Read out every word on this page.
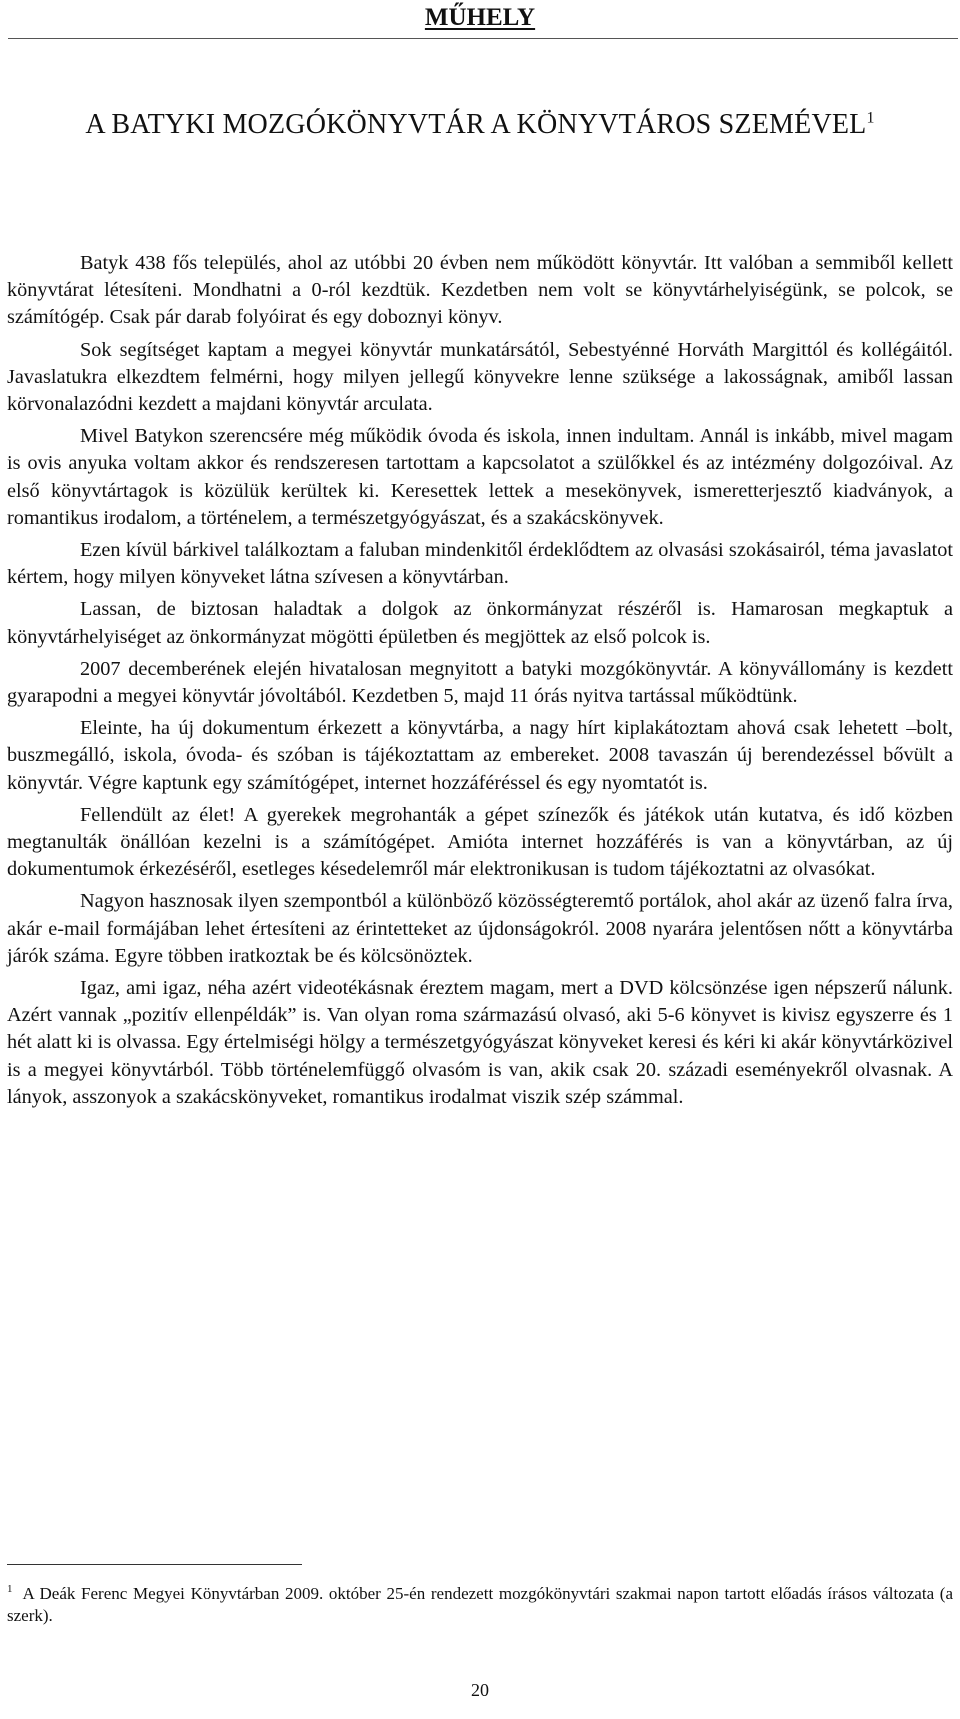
MŰHELY
A BATYKI MOZGÓKÖNYVTÁR A KÖNYVTÁROS SZEMÉVEL$^1$

Batyk 438 fős település, ahol az utóbbi 20 évben nem működött könyvtár. Itt valóban a semmiből kellett könyvtárat létesíteni. Mondhatni a 0-ról kezdtük. Kezdetben nem volt se könyvtárhelyiségünk, se polcok, se számítógép. Csak pár darab folyóirat és egy doboznyi könyv.

Sok segítséget kaptam a megyei könyvtár munkatársától, Sebestyénné Horváth Margittól és kollégáitól. Javaslatukra elkezdtem felmérni, hogy milyen jellegű könyvekre lenne szüksége a lakosságnak, amiből lassan körvonalazódni kezdett a majdani könyvtár arculata.

Mivel Batykon szerencsére még működik óvoda és iskola, innen indultam. Annál is inkább, mivel magam is ovis anyuka voltam akkor és rendszeresen tartottam a kapcsolatot a szülőkkel és az intézmény dolgozóival. Az első könyvtártagok is közülük kerültek ki. Keresettek lettek a mesekönyvek, ismeretterjesztő kiadványok, a romantikus irodalom, a történelem, a természetgyógyászat, és a szakácskönyvek.

Ezen kívül bárkivel találkoztam a faluban mindenkitől érdeklődtem az olvasási szokásairól, téma javaslatot kértem, hogy milyen könyveket látna szívesen a könyvtárban.

Lassan, de biztosan haladtak a dolgok az önkormányzat részéről is. Hamarosan megkaptuk a könyvtárhelyiséget az önkormányzat mögötti épületben és megjöttek az első polcok is.

2007 decemberének elején hivatalosan megnyitott a batyki mozgókönyvtár. A könyvállomány is kezdett gyarapodni a megyei könyvtár jóvoltából. Kezdetben 5, majd 11 órás nyitva tartással működtünk.

Eleinte, ha új dokumentum érkezett a könyvtárba, a nagy hírt kiplakátoztam ahová csak lehetett –bolt, buszmegálló, iskola, óvoda- és szóban is tájékoztattam az embereket. 2008 tavaszán új berendezéssel bővült a könyvtár. Végre kaptunk egy számítógépet, internet hozzáféréssel és egy nyomtatót is.

Fellendült az élet! A gyerekek megrohanták a gépet színezők és játékok után kutatva, és idő közben megtanulták önállóan kezelni is a számítógépet. Amióta internet hozzáférés is van a könyvtárban, az új dokumentumok érkezéséről, esetleges késedelemről már elektronikusan is tudom tájékoztatni az olvasókat.

Nagyon hasznosak ilyen szempontból a különböző közösségteremtő portálok, ahol akár az üzenő falra írva, akár e-mail formájában lehet értesíteni az érintetteket az újdonságokról. 2008 nyarára jelentősen nőtt a könyvtárba járók száma. Egyre többen iratkoztak be és kölcsönöztek.

Igaz, ami igaz, néha azért videotékásnak éreztem magam, mert a DVD kölcsönzése igen népszerű nálunk. Azért vannak „pozitív ellenpéldák” is. Van olyan roma származású olvasó, aki 5-6 könyvet is kivisz egyszerre és 1 hét alatt ki is olvassa. Egy értelmiségi hölgy a természetgyógyászat könyveket keresi és kéri ki akár könyvtárközivel is a megyei könyvtárból. Több történelemfüggő olvasóm is van, akik csak 20. századi eseményekről olvasnak. A lányok, asszonyok a szakácskönyveket, romantikus irodalmat viszik szép számmal.

$^1$ A Deák Ferenc Megyei Könyvtárban 2009. október 25-én rendezett mozgókönyvtári szakmai napon tartott előadás írásos változata (a szerk).

20
